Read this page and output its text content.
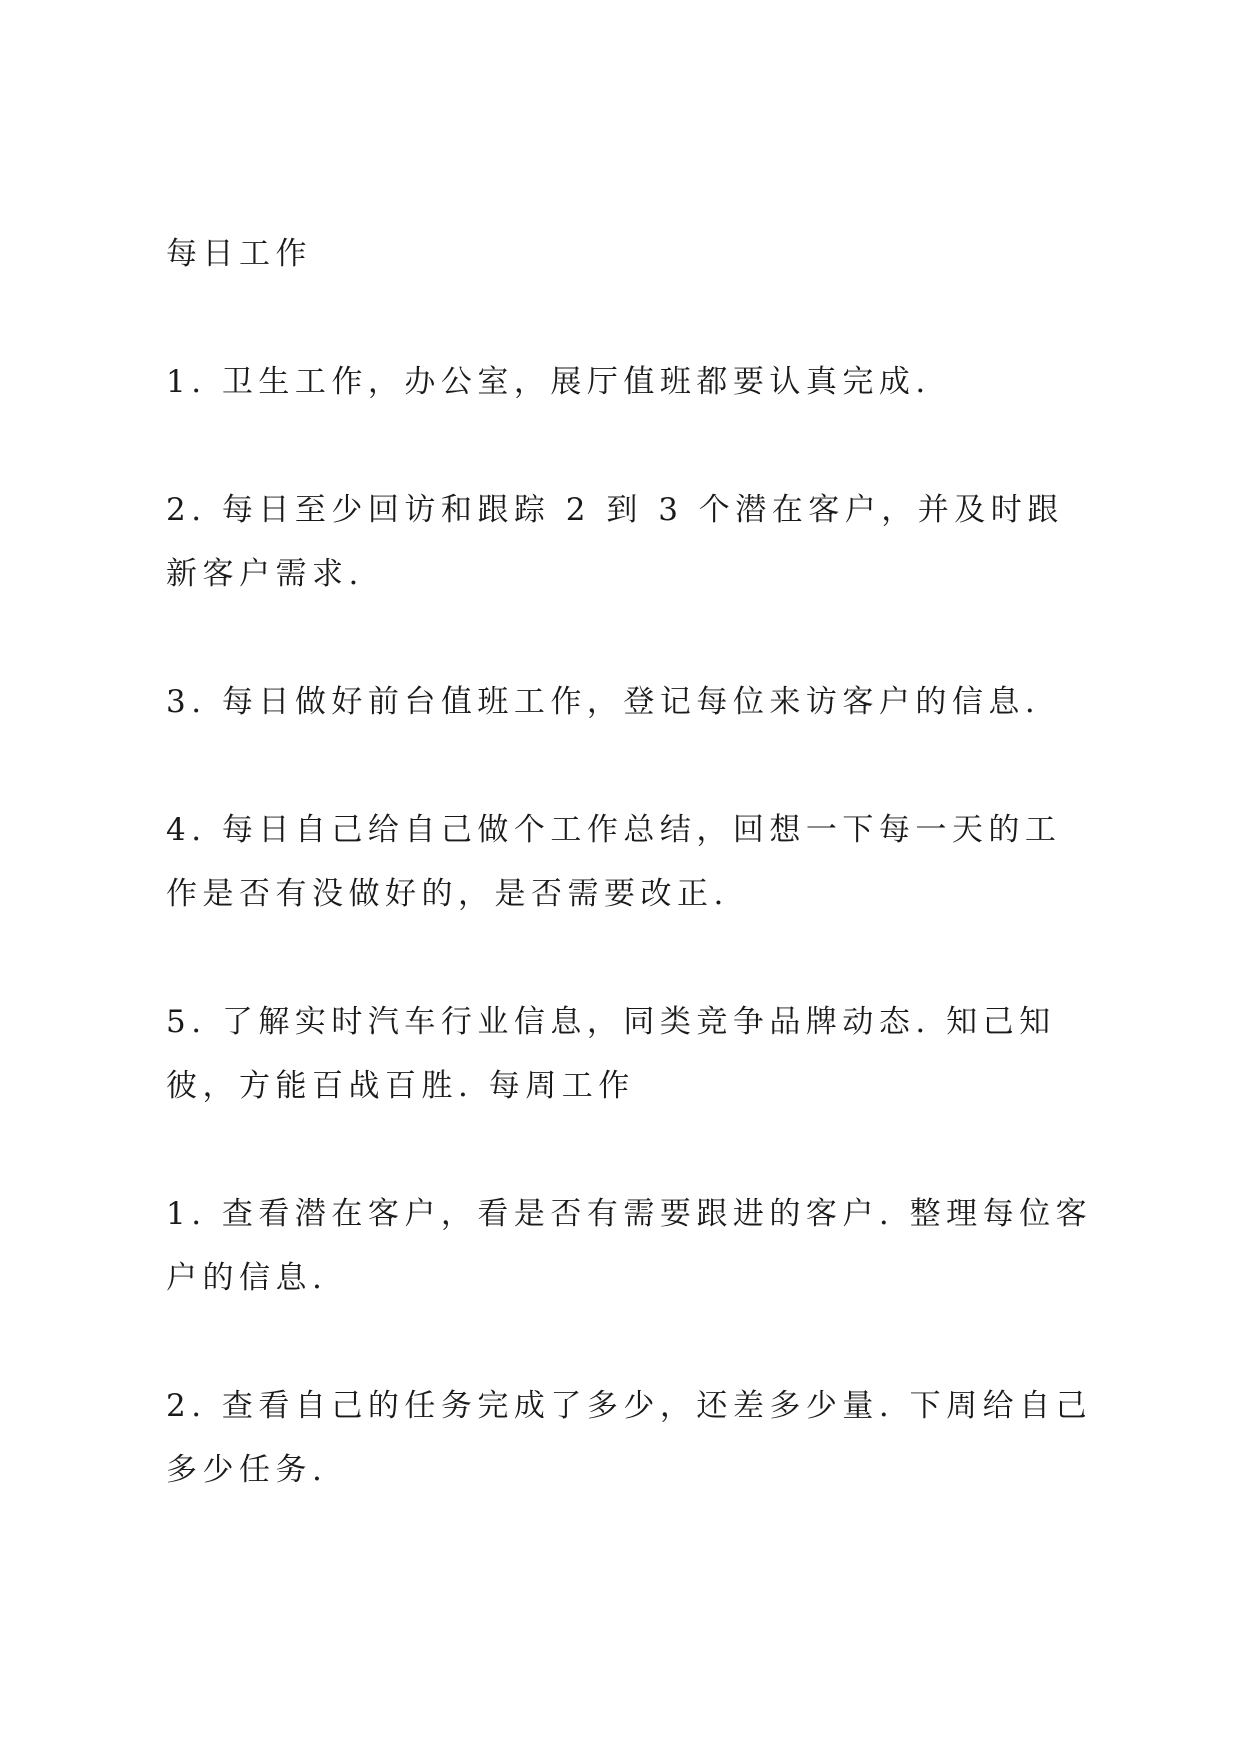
每日工作

1. 卫生工作，办公室，展厅值班都要认真完成.

2. 每日至少回访和跟踪 2 到 3 个潜在客户，并及时跟新客户需求.

3. 每日做好前台值班工作，登记每位来访客户的信息.

4. 每日自己给自己做个工作总结，回想一下每一天的工作是否有没做好的，是否需要改正.

5. 了解实时汽车行业信息，同类竞争品牌动态. 知己知彼，方能百战百胜. 每周工作

1. 查看潜在客户，看是否有需要跟进的客户. 整理每位客户的信息.

2. 查看自己的任务完成了多少，还差多少量. 下周给自己多少任务.
